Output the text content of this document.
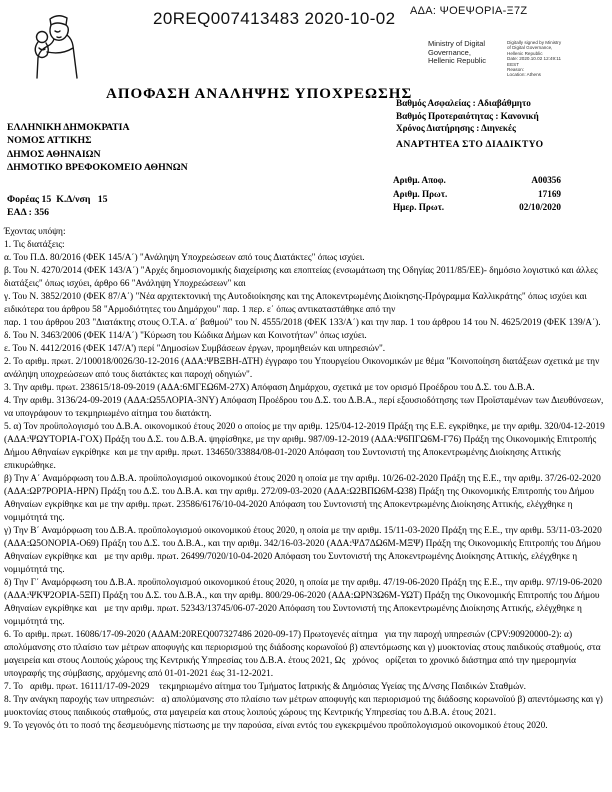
20REQ007413483 2020-10-02 ΑΔΑ: ΨΟΕΨΟΡΙΑ-Ξ7Ζ
Ministry of Digital
Governance,
Hellenic Republic
Digitally signed by Ministry
of Digital Governance,
Hellenic Republic
Date: 2020.10.02 12:49:11
EEST
Reason:
Location: Athens
ΑΠΟΦΑΣΗ ΑΝΑΛΗΨΗΣ ΥΠΟΧΡΕΩΣΗΣ
Βαθμός Ασφαλείας : Αδιαβάθμητο
Βαθμός Προτεραιότητας : Κανονική
Χρόνος Διατήρησης : Διηνεκές
ΑΝΑΡΤΗΤΕΑ ΣΤΟ ΔΙΑΔΙΚΤΥΟ
ΕΛΛΗΝΙΚΗ ΔΗΜΟΚΡΑΤΙΑ
ΝΟΜΟΣ ΑΤΤΙΚΗΣ
ΔΗΜΟΣ ΑΘΗΝΑΙΩΝ
ΔΗΜΟΤΙΚΟ ΒΡΕΦΟΚΟΜΕΙΟ ΑΘΗΝΩΝ
Αριθμ. Αποφ.	Α00356
Αριθμ. Πρωτ.	17169
Ημερ. Πρωτ.	02/10/2020
Φορέας 15  Κ.Δ/νση   15
ΕΑΔ : 356
Έχοντας υπόψη:
1. Τις διατάξεις:
α. Του Π.Δ. 80/2016 (ΦΕΚ 145/Α΄) "Ανάληψη Υποχρεώσεων από τους Διατάκτες" όπως ισχύει.
β. Του Ν. 4270/2014 (ΦΕΚ 143/Α΄) "Αρχές δημοσιονομικής διαχείρισης και εποπτείας (ενσωμάτωση της Οδηγίας 2011/85/ΕΕ)- δημόσιο λογιστικό και άλλες διατάξεις" όπως ισχύει, άρθρο 66 "Ανάληψη Υποχρεώσεων" και
γ. Του Ν. 3852/2010 (ΦΕΚ 87/Α΄) "Νέα αρχιτεκτονική της Αυτοδιοίκησης και της Αποκεντρωμένης Διοίκησης-Πρόγραμμα Καλλικράτης" όπως ισχύει και ειδικότερα του άρθρου 58 "Αρμοδιότητες του Δημάρχου" παρ. 1 περ. ε΄ όπως αντικαταστάθηκε από την
παρ. 1 του άρθρου 203 "Διατάκτης στους Ο.Τ.Α. α΄ βαθμού" του Ν. 4555/2018 (ΦΕΚ 133/Α΄) και την παρ. 1 του άρθρου 14 του Ν. 4625/2019 (ΦΕΚ 139/Α΄).
δ. Του Ν. 3463/2006 (ΦΕΚ 114/Α΄) "Κύρωση του Κώδικα Δήμων και Κοινοτήτων" όπως ισχύει.
ε. Του Ν. 4412/2016 (ΦΕΚ 147/Α') περί "Δημοσίων Συμβάσεων έργων, προμηθειών και υπηρεσιών".
2. Το αριθμ. πρωτ. 2/100018/0026/30-12-2016 (ΑΔΑ:ΨΒΞΒΗ-ΔΤΗ) έγγραφο του Υπουργείου Οικονομικών με θέμα "Κοινοποίηση διατάξεων σχετικά με την ανάληψη υποχρεώσεων από τους διατάκτες και παροχή οδηγιών".
3. Την αριθμ. πρωτ. 238615/18-09-2019 (ΑΔΑ:6ΜΓΕΩ6Μ-27Χ) Απόφαση Δημάρχου, σχετικά με τον ορισμό Προέδρου του Δ.Σ. του Δ.Β.Α.
4. Την αριθμ. 3136/24-09-2019 (ΑΔΑ:Ω55ΛΟΡΙΑ-3ΝΥ) Απόφαση Προέδρου του Δ.Σ. του Δ.Β.Α., περί εξουσιοδότησης των Προϊσταμένων των Διευθύνσεων, να υπογράφουν το τεκμηριωμένο αίτημα του διατάκτη.
5. α) Τον προϋπολογισμό του Δ.Β.Α. οικονομικού έτους 2020 ο οποίος με την αριθμ. 125/04-12-2019 Πράξη της Ε.Ε. εγκρίθηκε, με την αριθμ. 320/04-12-2019 (ΑΔΑ:ΨΩΥΤΟΡΙΑ-ΓΟΧ) Πράξη του Δ.Σ. του Δ.Β.Α. ψηφίσθηκε, με την αριθμ. 987/09-12-2019 (ΑΔΑ:Ψ6ΠΓΩ6Μ-Γ76) Πράξη της Οικονομικής Επιτροπής Δήμου Αθηναίων εγκρίθηκε  και με την αριθμ. πρωτ. 134650/33884/08-01-2020 Απόφαση του Συντονιστή της Αποκεντρωμένης Διοίκησης Αττικής επικυρώθηκε.
β) Την Α΄ Αναμόρφωση του Δ.Β.Α. προϋπολογισμού οικονομικού έτους 2020 η οποία με την αριθμ. 10/26-02-2020 Πράξη της Ε.Ε., την αριθμ. 37/26-02-2020 (ΑΔΑ:ΩΡ7ΡΟΡΙΑ-ΗΡΝ) Πράξη του Δ.Σ. του Δ.Β.Α. και την αριθμ. 272/09-03-2020 (ΑΔΑ:Ω2ΒΠΩ6Μ-Ω38) Πράξη της Οικονομικής Επιτροπής του Δήμου Αθηναίων εγκρίθηκε και με την αριθμ. πρωτ. 23586/6176/10-04-2020 Απόφαση του Συντονιστή της Αποκεντρωμένης Διοίκησης Αττικής, ελέγχθηκε η νομιμότητά της.
γ) Την Β΄ Αναμόρφωση του Δ.Β.Α. προϋπολογισμού οικονομικού έτους 2020, η οποία με την αριθμ. 15/11-03-2020 Πράξη της Ε.Ε., την αριθμ. 53/11-03-2020 (ΑΔΑ:Ω5ΟΝΟΡΙΑ-Ο69) Πράξη του Δ.Σ. του Δ.Β.Α., και την αριθμ. 342/16-03-2020 (ΑΔΑ:ΨΔ7ΔΩ6Μ-ΜΞΨ) Πράξη της Οικονομικής Επιτροπής του Δήμου Αθηναίων εγκρίθηκε και   με την αριθμ. πρωτ. 26499/7020/10-04-2020 Απόφαση του Συντονιστή της Αποκεντρωμένης Διοίκησης Αττικής, ελέγχθηκε η νομιμότητά της.
δ) Την Γ΄ Αναμόρφωση του Δ.Β.Α. προϋπολογισμού οικονομικού έτους 2020, η οποία με την αριθμ. 47/19-06-2020 Πράξη της Ε.Ε., την αριθμ. 97/19-06-2020 (ΑΔΑ:ΨΚΨ2ΟΡΙΑ-5ΞΠ) Πράξη του Δ.Σ. του Δ.Β.Α., και την αριθμ. 800/29-06-2020 (ΑΔΑ:ΩΡΝ3Ω6Μ-ΥΩΤ) Πράξη της Οικονομικής Επιτροπής του Δήμου Αθηναίων εγκρίθηκε και   με την αριθμ. πρωτ. 52343/13745/06-07-2020 Απόφαση του Συντονιστή της Αποκεντρωμένης Διοίκησης Αττικής, ελέγχθηκε η νομιμότητά της.
6. Το αριθμ. πρωτ. 16086/17-09-2020 (ΑΔΑΜ:20REQ007327486 2020-09-17) Πρωτογενές αίτημα   για την παροχή υπηρεσιών (CPV:90920000-2): α) απολύμανσης στο πλαίσιο των μέτρων αποφυγής και περιορισμού της διάδοσης κορωνοϊού β) απεντόμωσης και γ) μυοκτονίας στους παιδικούς σταθμούς, στα μαγειρεία και στους Λοιπούς χώρους της Κεντρικής Υπηρεσίας του Δ.Β.Α. έτους 2021, Ως   χρόνος   ορίζεται το χρονικό διάστημα από την ημερομηνία υπογραφής της σύμβασης, αρχόμενης από 01-01-2021 έως 31-12-2021.
7. Το   αριθμ. πρωτ. 16111/17-09-2029    τεκμηριωμένο αίτημα του Τμήματος Ιατρικής & Δημόσιας Υγείας της Δ/νσης Παιδικών Σταθμών.
8. Την ανάγκη παροχής των υπηρεσιών:   α) απολύμανσης στο πλαίσιο των μέτρων αποφυγής και περιορισμού της διάδοσης κορωνοϊού β) απεντόμωσης και γ) μυοκτονίας στους παιδικούς σταθμούς, στα μαγειρεία και στους λοιπούς χώρους της Κεντρικής Υπηρεσίας του Δ.Β.Α. έτους 2021.
9. Το γεγονός ότι το ποσό της δεσμευόμενης πίστωσης με την παρούσα, είναι εντός του εγκεκριμένου προϋπολογισμού οικονομικού έτους 2020.
